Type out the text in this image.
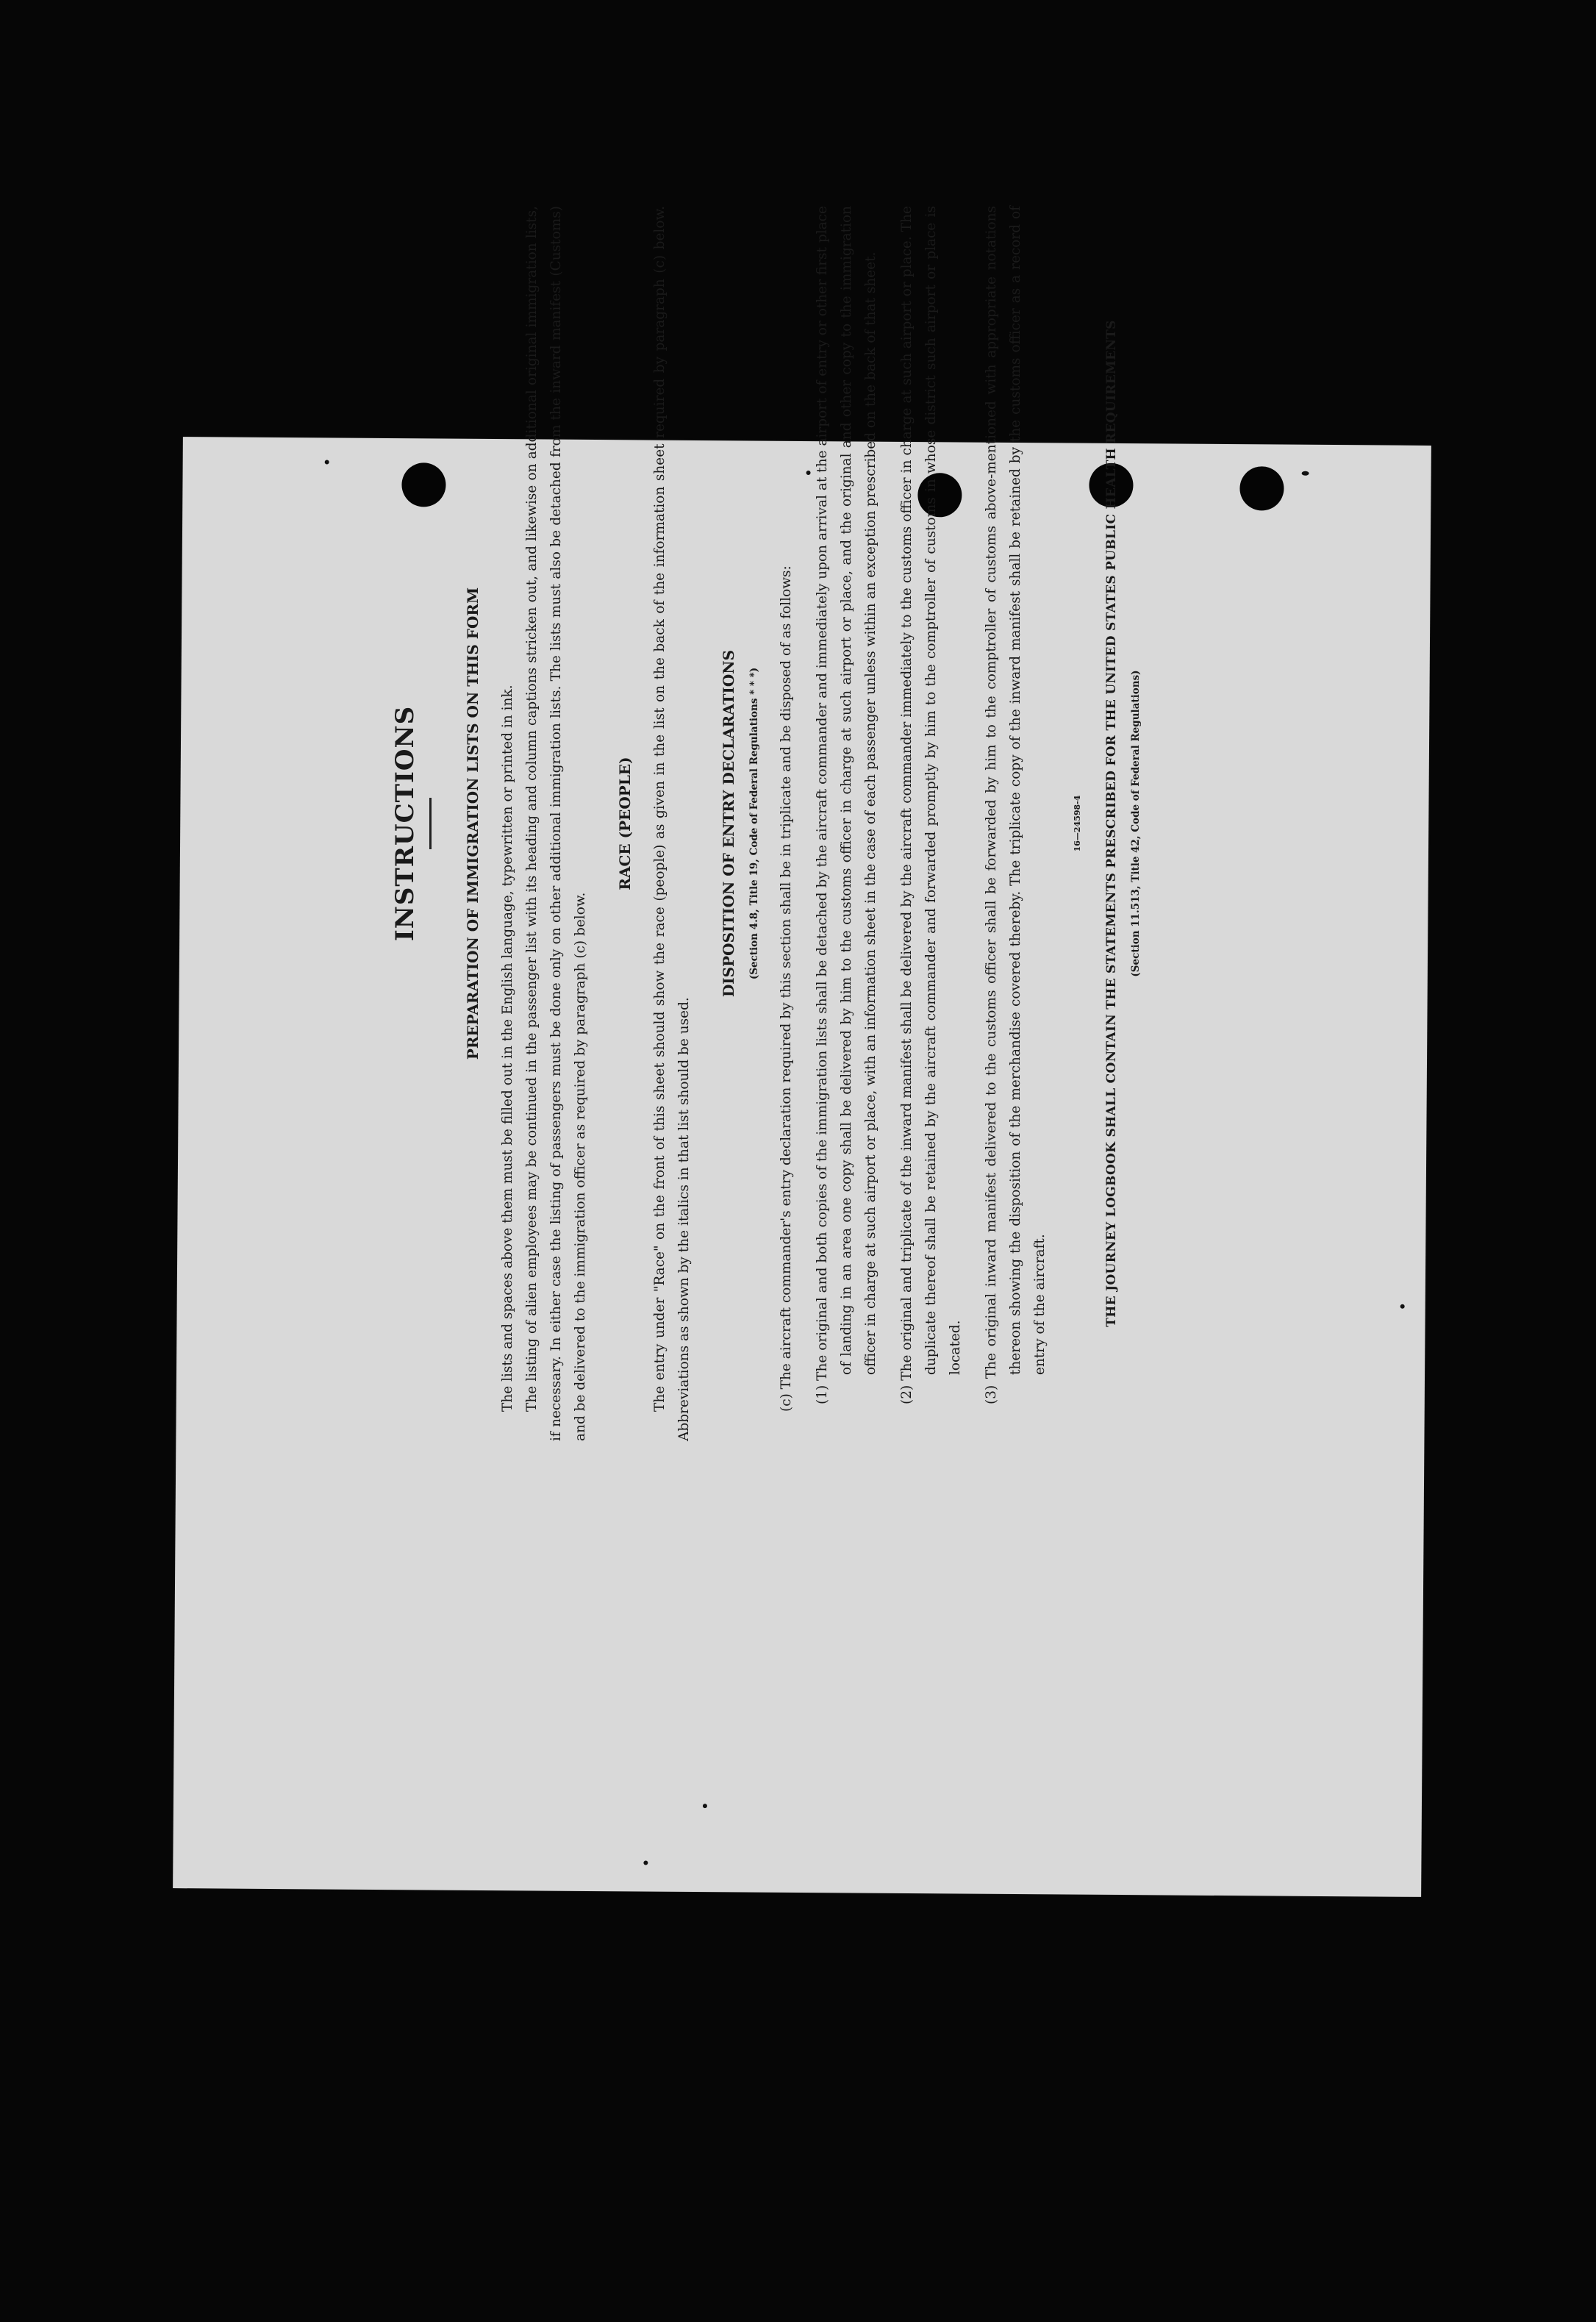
INSTRUCTIONS	PREPARATION OF IMMIGRATION LISTS ON THIS FORM	The lists and spaces above them must be filled out in the English language, typewritten or printed in ink. The listing of alien employees may be continued in the passenger list with its heading and column captions stricken out, and likewise on additional original immigration lists, if necessary. In either case the listing of passengers must be done only on other additional immigration lists. The lists must also be detached from the inward manifest (Customs) and be delivered to the immigration officer as required by paragraph (c) below.

RACE (PEOPLE)	The entry under "Race" on the front of this sheet should show the race (people) as given in the list on the back of the information sheet required by paragraph (c) below. Abbreviations as shown by the italics in that list should be used.

DISPOSITION OF ENTRY DECLARATIONS	(Section 4.8, Title 19, Code of Federal Regulations * * *)	(c) The aircraft commander's entry declaration required by this section shall be in triplicate and be disposed of as follows:	(1) The original and both copies of the immigration lists shall be detached by the aircraft commander and immediately upon arrival at the airport of entry or other first place of landing in an area one copy shall be delivered by him to the customs officer in charge at such airport or place, and the original and other copy to the immigration officer in charge at such airport or place, with an information sheet in the case of each passenger unless within an exception prescribed on the back of that sheet.	(2) The original and triplicate of the inward manifest shall be delivered by the aircraft commander immediately to the customs officer in charge at such airport or place. The duplicate thereof shall be retained by the aircraft commander and forwarded promptly by him to the comptroller of customs in whose district such airport or place is located.	(3) The original inward manifest delivered to the customs officer shall be forwarded by him to the comptroller of customs above-mentioned with appropriate notations thereon showing the disposition of the merchandise covered thereby. The triplicate copy of the inward manifest shall be retained by the customs officer as a record of entry of the aircraft.

16—24598-4	THE JOURNEY LOGBOOK SHALL CONTAIN THE STATEMENTS PRESCRIBED FOR THE UNITED STATES PUBLIC HEALTH REQUIREMENTS	(Section 11.513, Title 42, Code of Federal Regulations)
